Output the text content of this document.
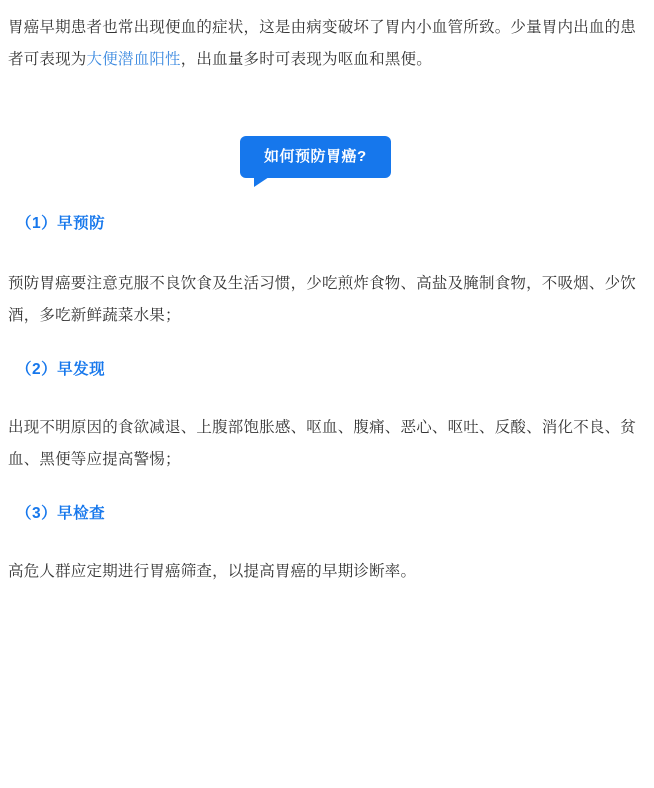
胃癌早期患者也常出现便血的症状，这是由病变破坏了胃内小血管所致。少量胃内出血的患者可表现为大便潜血阳性，出血量多时可表现为呕血和黑便。

如何预防胃癌?
（1）早预防

预防胃癌要注意克服不良饮食及生活习惯，少吃煎炸食物、高盐及腌制食物，不吸烟、少饮酒，多吃新鲜蔬菜水果；

（2）早发现

出现不明原因的食欲减退、上腹部饱胀感、呕血、腹痛、恶心、呕吐、反酸、消化不良、贫血、黑便等应提高警惕；

（3）早检查

高危人群应定期进行胃癌筛查，以提高胃癌的早期诊断率。
